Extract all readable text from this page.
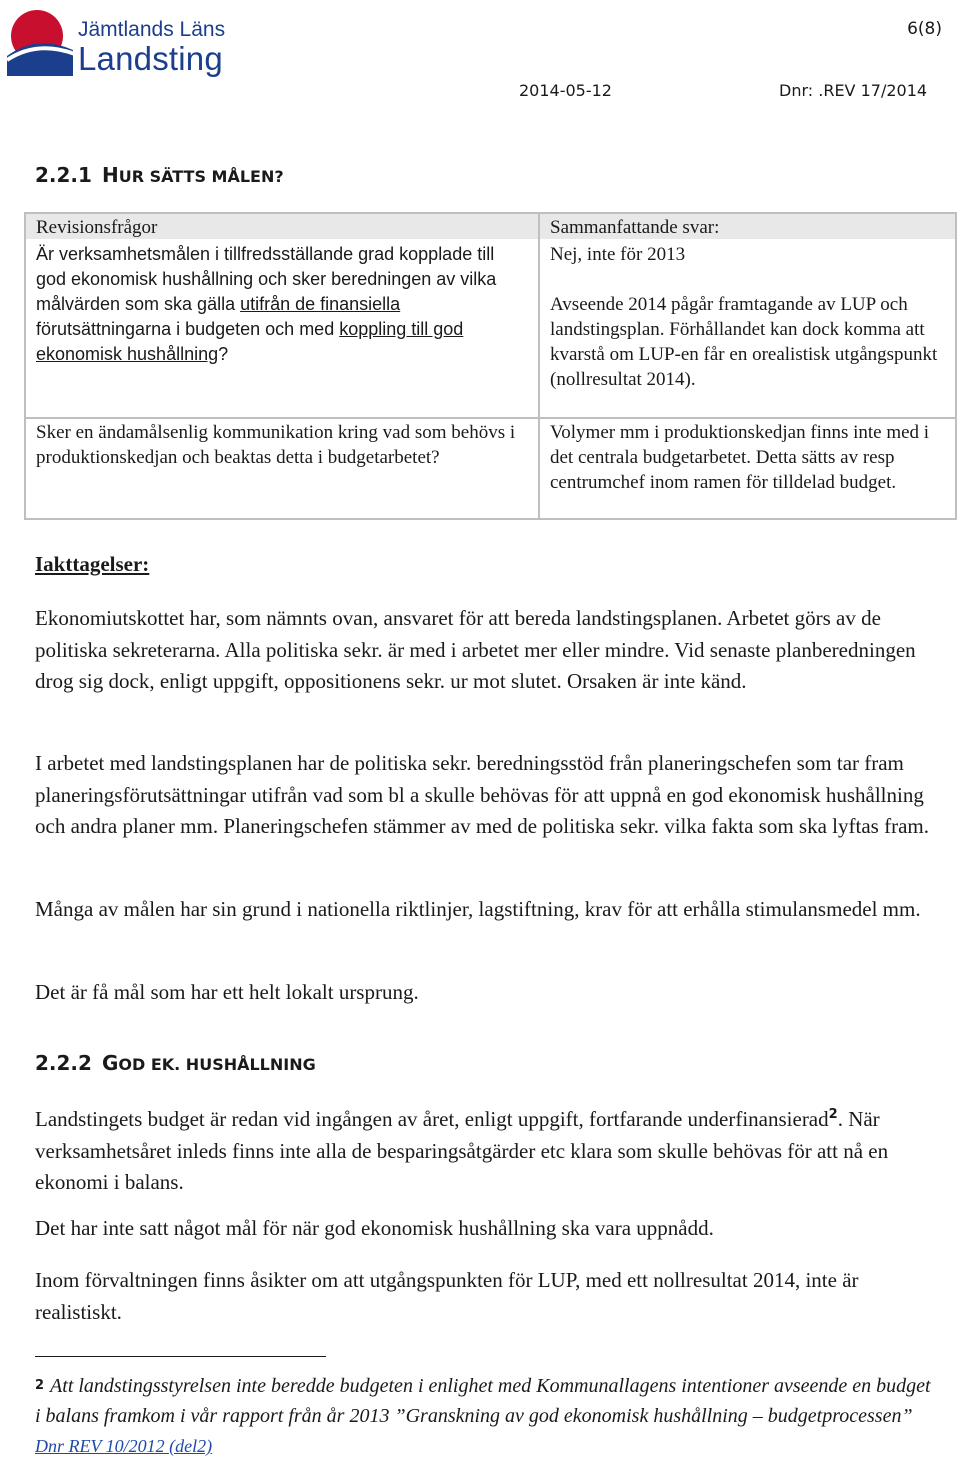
Jämtlands Läns
Landsting
6(8)
2014-05-12	Dnr: .REV 17/2014
2.2.1 HUR SÄTTS MÅLEN?
Revisionsfrågor	Sammanfattande svar:
Är verksamhetsmålen i tillfredsställande grad kopplade till god ekonomisk hushållning och sker beredningen av vilka målvärden som ska gälla utifrån de finansiella förutsättningarna i budgeten och med koppling till god ekonomisk hushållning?
Nej, inte för 2013
Avseende 2014 pågår framtagande av LUP och landstingsplan. Förhållandet kan dock komma att kvarstå om LUP-en får en orealistisk utgångspunkt (nollresultat 2014).
Sker en ändamålsenlig kommunikation kring vad som behövs i produktionskedjan och beaktas detta i budgetarbetet?
Volymer mm i produktionskedjan finns inte med i det centrala budgetarbetet. Detta sätts av resp centrumchef inom ramen för tilldelad budget.
Iakttagelser:
Ekonomiutskottet har, som nämnts ovan, ansvaret för att bereda landstingsplanen. Arbetet görs av de politiska sekreterarna. Alla politiska sekr. är med i arbetet mer eller mindre. Vid senaste planberedningen drog sig dock, enligt uppgift, oppositionens sekr. ur mot slutet. Orsaken är inte känd.
I arbetet med landstingsplanen har de politiska sekr. beredningsstöd från planeringschefen som tar fram planeringsförutsättningar utifrån vad som bl a skulle behövas för att uppnå en god ekonomisk hushållning och andra planer mm. Planeringschefen stämmer av med de politiska sekr. vilka fakta som ska lyftas fram.
Många av målen har sin grund i nationella riktlinjer, lagstiftning, krav för att erhålla stimulansmedel mm.
Det är få mål som har ett helt lokalt ursprung.
2.2.2 GOD EK. HUSHÅLLNING
Landstingets budget är redan vid ingången av året, enligt uppgift, fortfarande underfinansierad$^2$. När verksamhetsåret inleds finns inte alla de besparingsåtgärder etc klara som skulle behövas för att nå en ekonomi i balans.
Det har inte satt något mål för när god ekonomisk hushållning ska vara uppnådd.
Inom förvaltningen finns åsikter om att utgångspunkten för LUP, med ett nollresultat 2014, inte är realistiskt.
$^2$ Att landstingsstyrelsen inte beredde budgeten i enlighet med Kommunallagens intentioner avseende en budget i balans framkom i vår rapport från år 2013 ”Granskning av god ekonomisk hushållning – budgetprocessen”
Dnr REV 10/2012 (del2)
